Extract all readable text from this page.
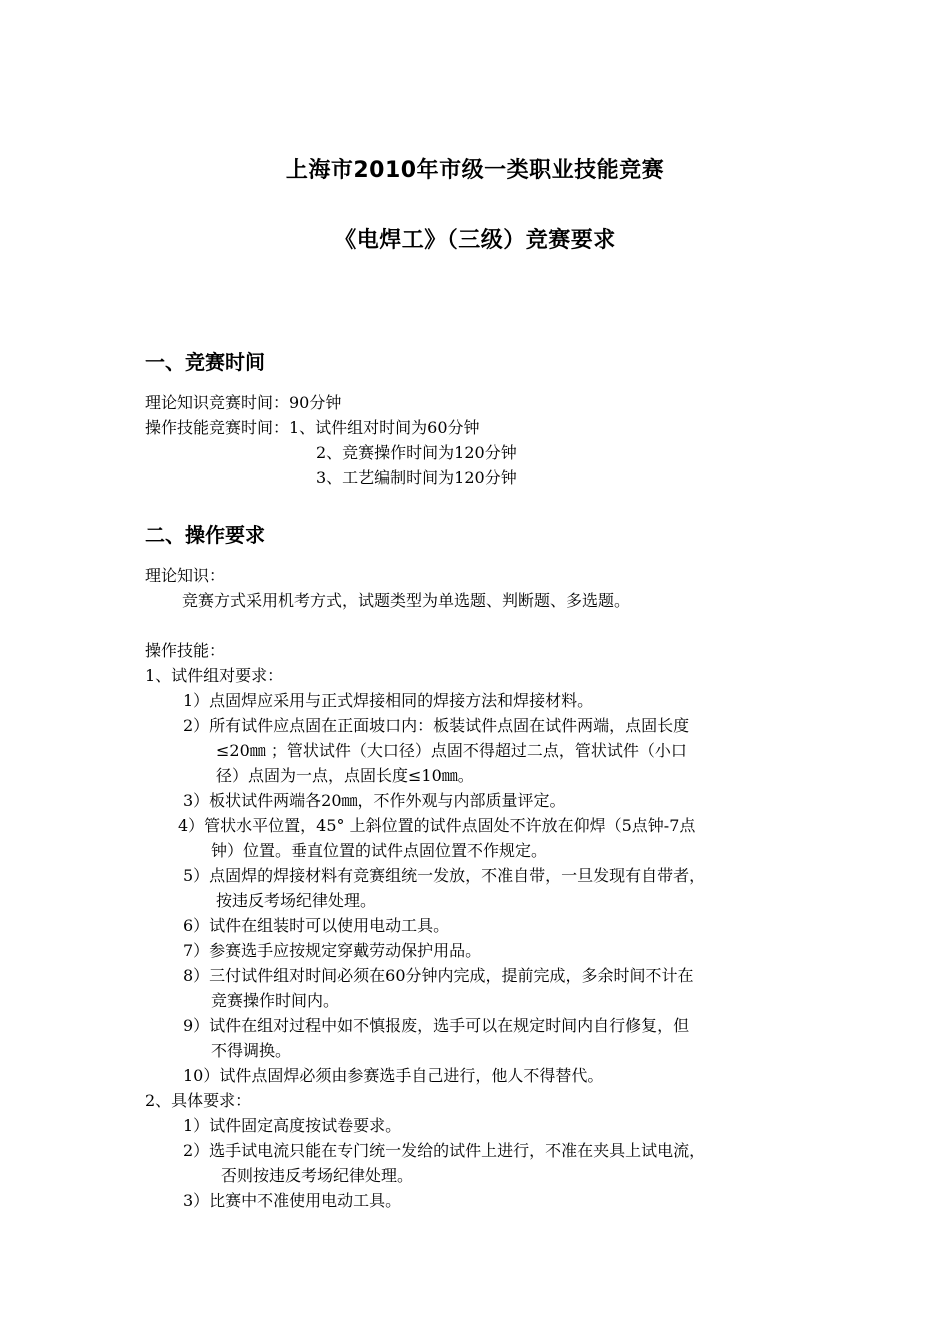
上海市2010年市级一类职业技能竞赛
《电焊工》（三级）竞赛要求
一、竞赛时间
理论知识竞赛时间：90分钟
操作技能竞赛时间：1、试件组对时间为60分钟
2、竞赛操作时间为120分钟
3、工艺编制时间为120分钟
二、操作要求
理论知识：
竞赛方式采用机考方式，试题类型为单选题、判断题、多选题。
操作技能：
1、试件组对要求：
1）点固焊应采用与正式焊接相同的焊接方法和焊接材料。
2）所有试件应点固在正面坡口内：板装试件点固在试件两端，点固长度
≤20㎜ ；管状试件（大口径）点固不得超过二点，管状试件（小口
径）点固为一点，点固长度≤10㎜。
3）板状试件两端各20㎜，不作外观与内部质量评定。
4）管状水平位置，45° 上斜位置的试件点固处不许放在仰焊（5点钟-7点
钟）位置。垂直位置的试件点固位置不作规定。
5）点固焊的焊接材料有竞赛组统一发放，不准自带，一旦发现有自带者，
按违反考场纪律处理。
6）试件在组装时可以使用电动工具。
7）参赛选手应按规定穿戴劳动保护用品。
8）三付试件组对时间必须在60分钟内完成，提前完成，多余时间不计在
竞赛操作时间内。
9）试件在组对过程中如不慎报废，选手可以在规定时间内自行修复，但
不得调换。
10）试件点固焊必须由参赛选手自己进行，他人不得替代。
2、具体要求：
1）试件固定高度按试卷要求。
2）选手试电流只能在专门统一发给的试件上进行，不准在夹具上试电流，
否则按违反考场纪律处理。
3）比赛中不准使用电动工具。
